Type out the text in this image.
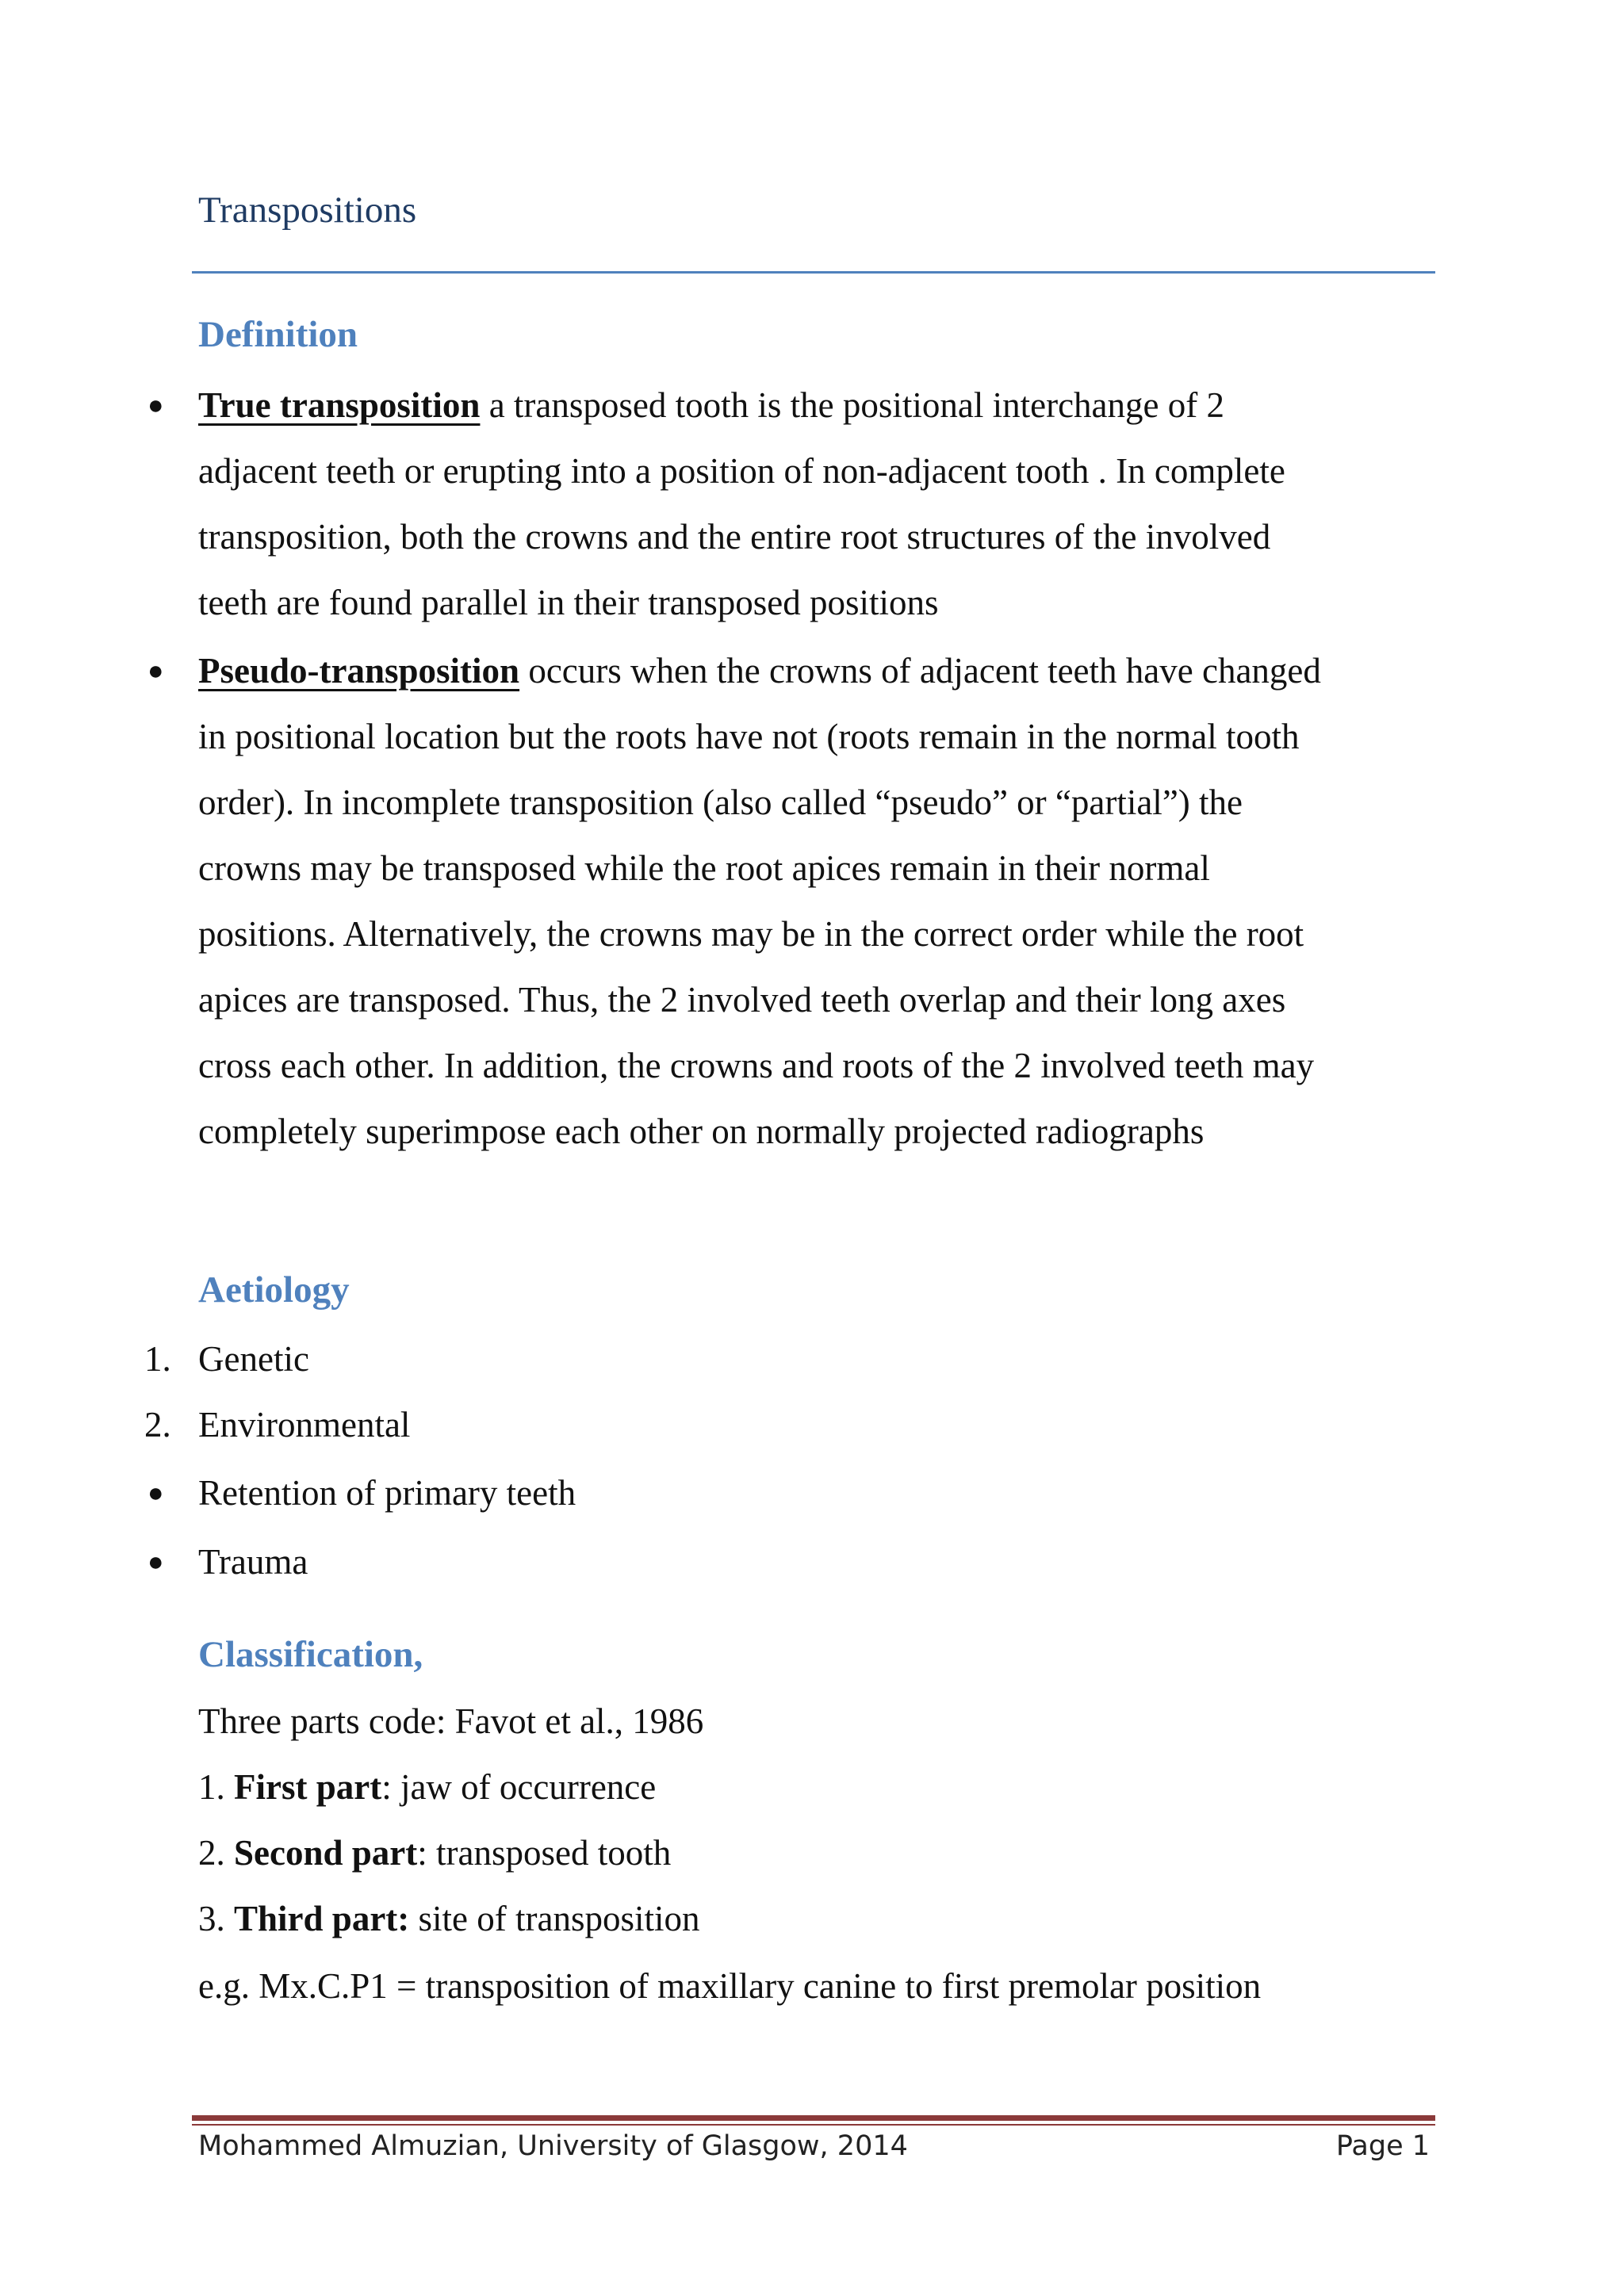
Transpositions
Definition
● True transposition a transposed tooth is the positional interchange of 2
adjacent teeth or erupting into a position of non-adjacent tooth . In complete
transposition, both the crowns and the entire root structures of the involved
teeth are found parallel in their transposed positions
● Pseudo-transposition occurs when the crowns of adjacent teeth have changed
in positional location but the roots have not (roots remain in the normal tooth
order). In incomplete transposition (also called “pseudo” or “partial”) the
crowns may be transposed while the root apices remain in their normal
positions. Alternatively, the crowns may be in the correct order while the root
apices are transposed. Thus, the 2 involved teeth overlap and their long axes
cross each other. In addition, the crowns and roots of the 2 involved teeth may
completely superimpose each other on normally projected radiographs
Aetiology
1. Genetic
2. Environmental
● Retention of primary teeth
● Trauma
Classification,
Three parts code: Favot et al., 1986
1. First part: jaw of occurrence
2. Second part: transposed tooth
3. Third part: site of transposition
e.g. Mx.C.P1 = transposition of maxillary canine to first premolar position
Mohammed Almuzian, University of Glasgow, 2014	Page 1
